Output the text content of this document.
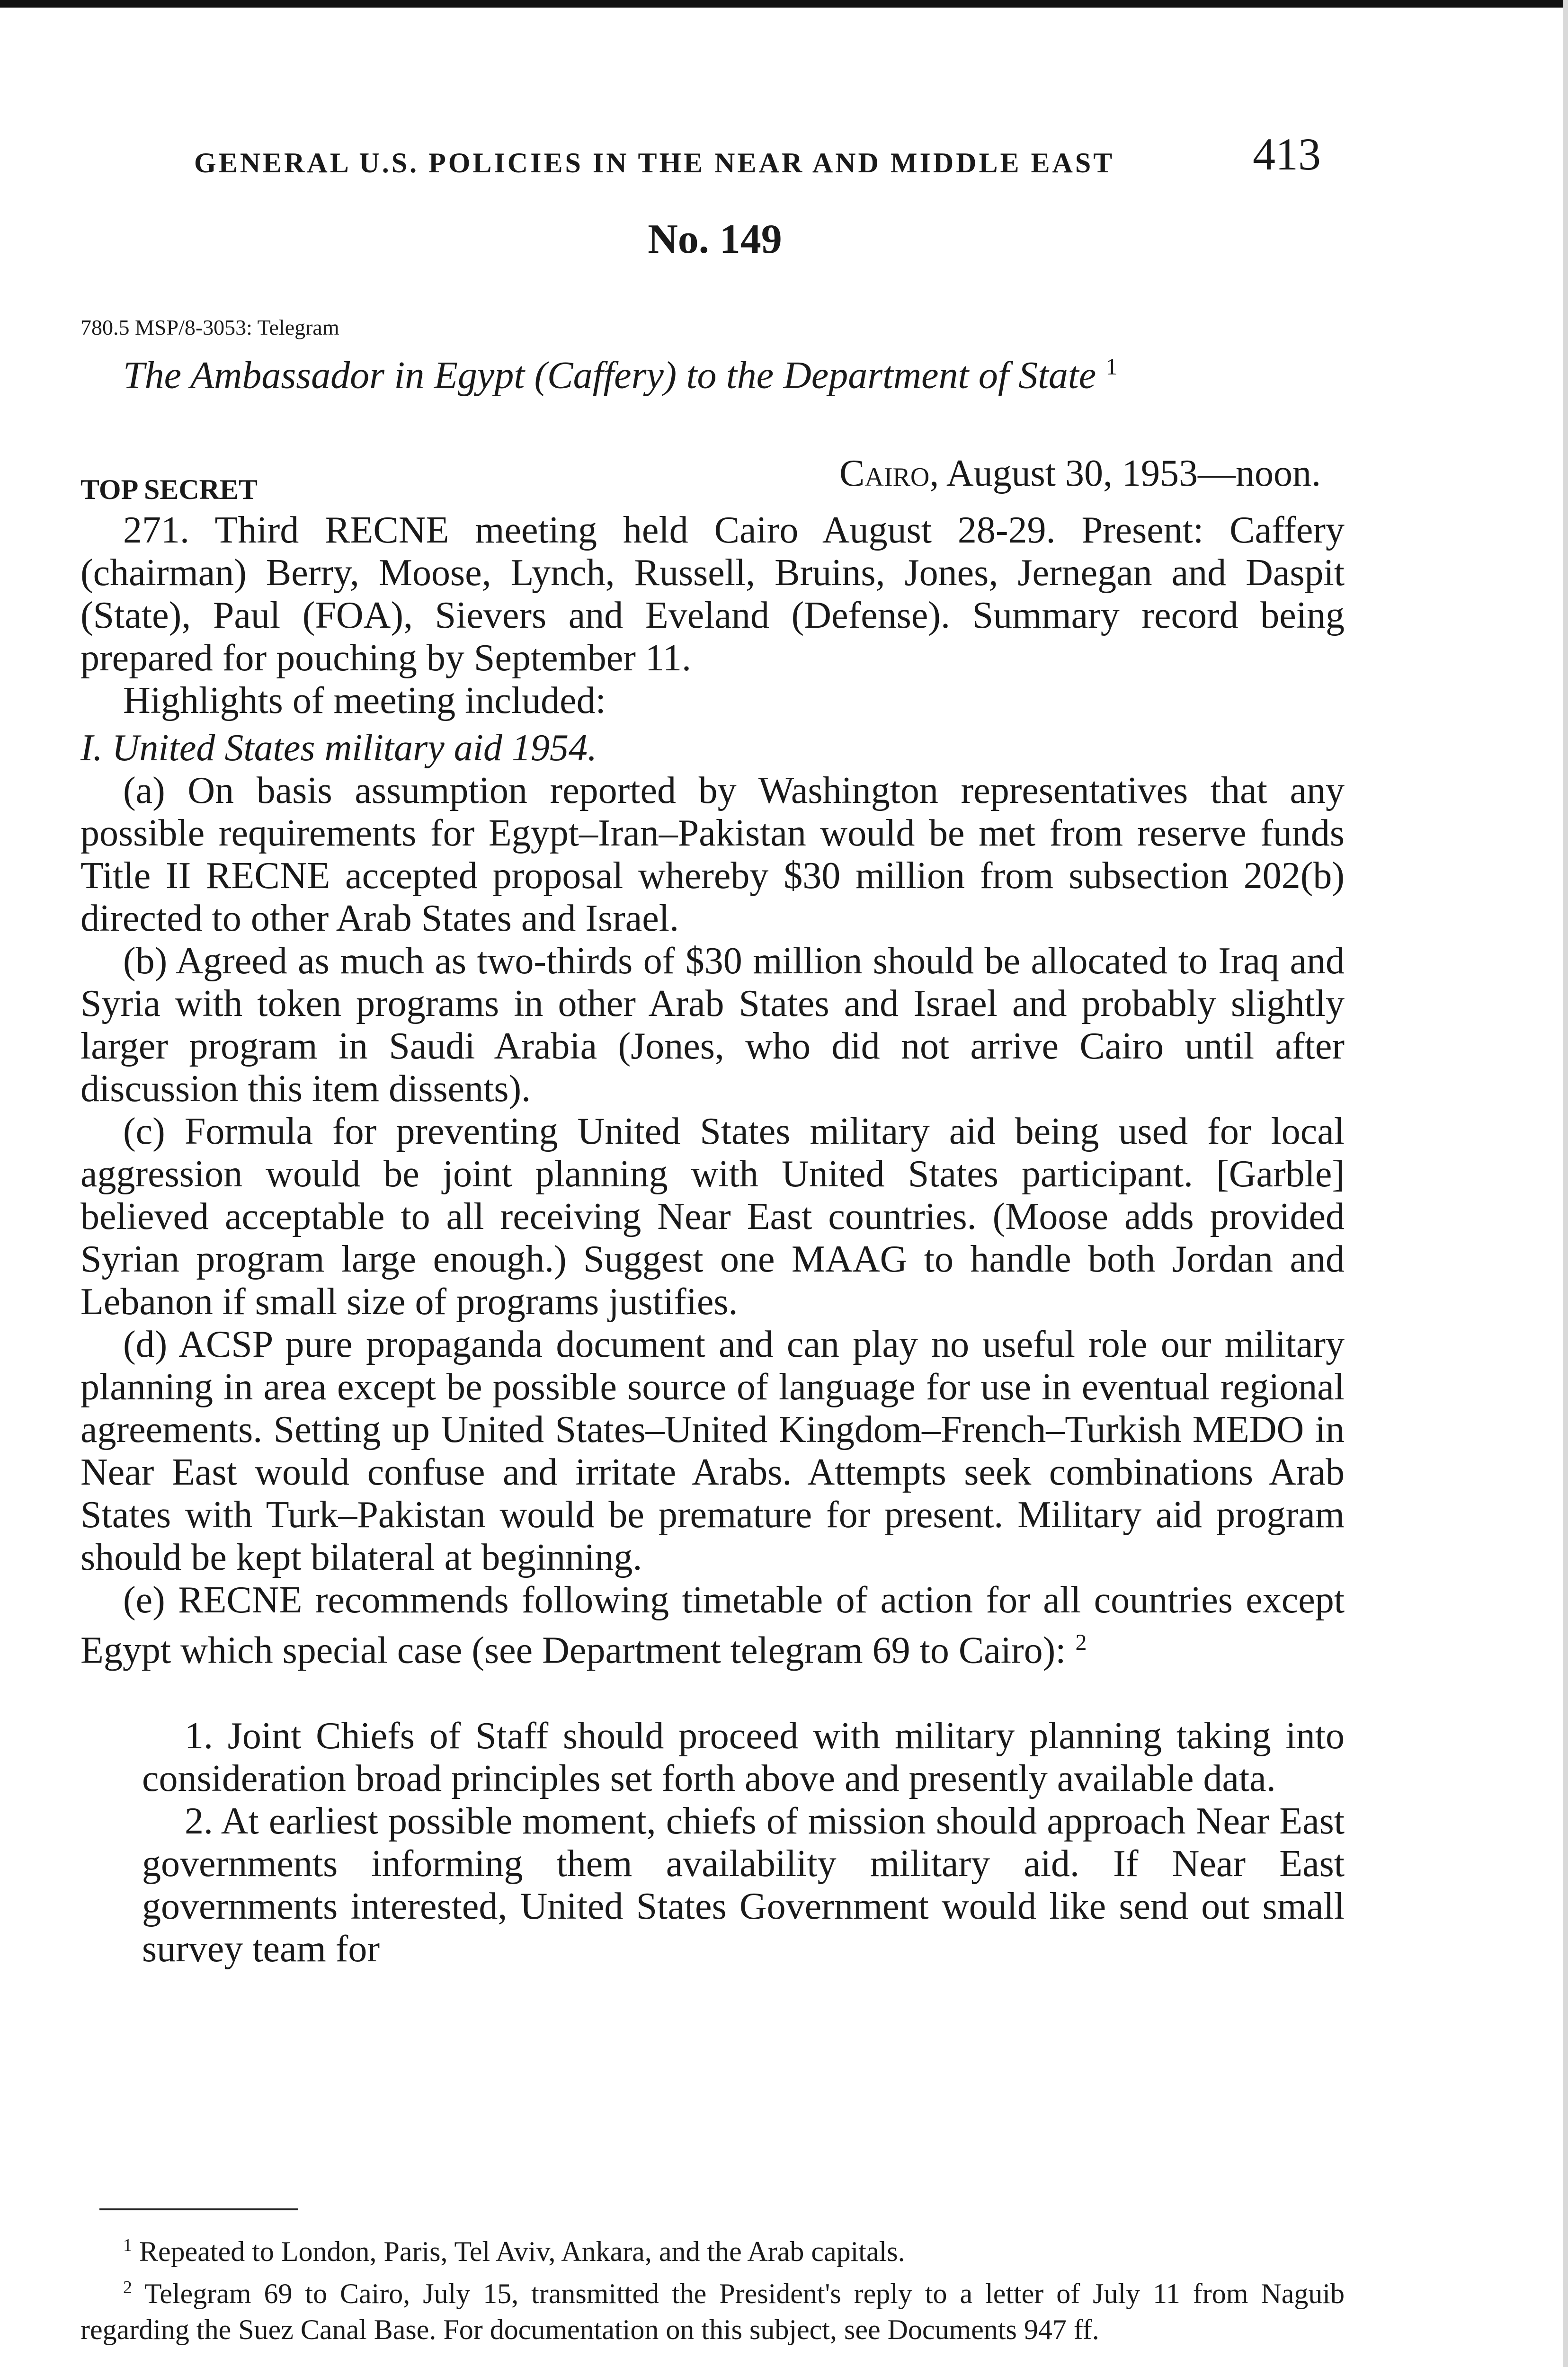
GENERAL U.S. POLICIES IN THE NEAR AND MIDDLE EAST	413
No. 149
780.5 MSP/8-3053: Telegram
The Ambassador in Egypt (Caffery) to the Department of State $^1$
TOP SECRET	Cairo, August 30, 1953—noon.

271. Third RECNE meeting held Cairo August 28-29. Present: Caffery (chairman) Berry, Moose, Lynch, Russell, Bruins, Jones, Jernegan and Daspit (State), Paul (FOA), Sievers and Eveland (Defense). Summary record being prepared for pouching by September 11.

Highlights of meeting included:

I. United States military aid 1954.

(a) On basis assumption reported by Washington representatives that any possible requirements for Egypt–Iran–Pakistan would be met from reserve funds Title II RECNE accepted proposal whereby $30 million from subsection 202(b) directed to other Arab States and Israel.

(b) Agreed as much as two-thirds of $30 million should be allocated to Iraq and Syria with token programs in other Arab States and Israel and probably slightly larger program in Saudi Arabia (Jones, who did not arrive Cairo until after discussion this item dissents).

(c) Formula for preventing United States military aid being used for local aggression would be joint planning with United States participant. [Garble] believed acceptable to all receiving Near East countries. (Moose adds provided Syrian program large enough.) Suggest one MAAG to handle both Jordan and Lebanon if small size of programs justifies.

(d) ACSP pure propaganda document and can play no useful role our military planning in area except be possible source of language for use in eventual regional agreements. Setting up United States–United Kingdom–French–Turkish MEDO in Near East would confuse and irritate Arabs. Attempts seek combinations Arab States with Turk–Pakistan would be premature for present. Military aid program should be kept bilateral at beginning.

(e) RECNE recommends following timetable of action for all countries except Egypt which special case (see Department telegram 69 to Cairo): $^2$

1. Joint Chiefs of Staff should proceed with military planning taking into consideration broad principles set forth above and presently available data.

2. At earliest possible moment, chiefs of mission should approach Near East governments informing them availability military aid. If Near East governments interested, United States Government would like send out small survey team for

$^1$ Repeated to London, Paris, Tel Aviv, Ankara, and the Arab capitals.

$^2$ Telegram 69 to Cairo, July 15, transmitted the President's reply to a letter of July 11 from Naguib regarding the Suez Canal Base. For documentation on this subject, see Documents 947 ff.
